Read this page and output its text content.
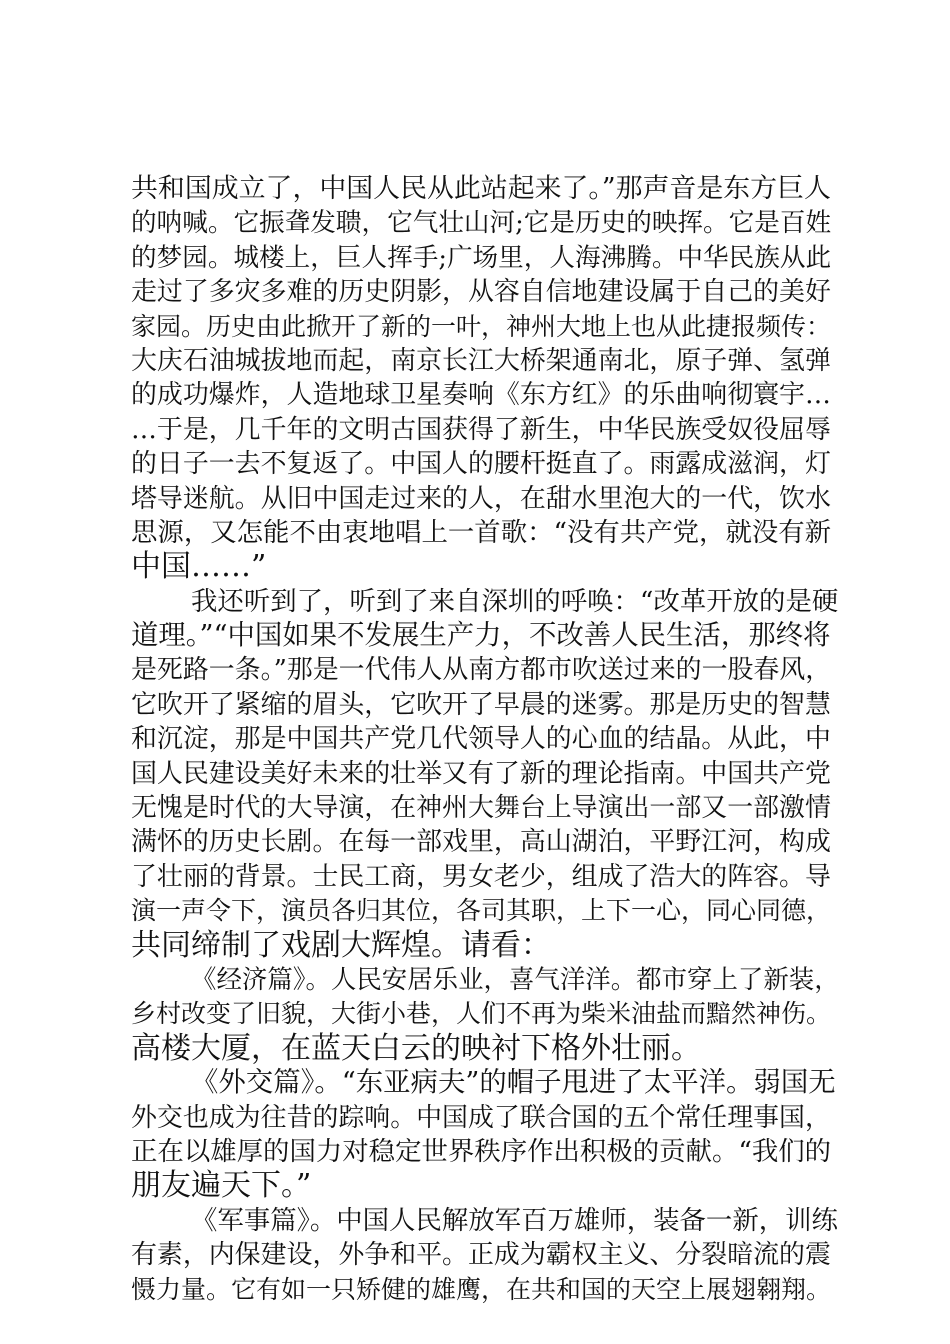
共和国成立了，中国人民从此站起来了。”那声音是东方巨人
的呐喊。它振聋发聩，它气壮山河;它是历史的映挥。它是百姓
的梦园。城楼上，巨人挥手;广场里，人海沸腾。中华民族从此
走过了多灾多难的历史阴影，从容自信地建设属于自己的美好
家园。历史由此掀开了新的一叶，神州大地上也从此捷报频传：
大庆石油城拔地而起，南京长江大桥架通南北，原子弹、氢弹
的成功爆炸，人造地球卫星奏响《东方红》的乐曲响彻寰宇…
…于是，几千年的文明古国获得了新生，中华民族受奴役屈辱
的日子一去不复返了。中国人的腰杆挺直了。雨露成滋润，灯
塔导迷航。从旧中国走过来的人，在甜水里泡大的一代，饮水
思源，又怎能不由衷地唱上一首歌：“没有共产党，就没有新
中国……”
我还听到了，听到了来自深圳的呼唤：“改革开放的是硬
道理。”“中国如果不发展生产力，不改善人民生活，那终将
是死路一条。”那是一代伟人从南方都市吹送过来的一股春风，
它吹开了紧缩的眉头，它吹开了早晨的迷雾。那是历史的智慧
和沉淀，那是中国共产党几代领导人的心血的结晶。从此，中
国人民建设美好未来的壮举又有了新的理论指南。中国共产党
无愧是时代的大导演，在神州大舞台上导演出一部又一部激情
满怀的历史长剧。在每一部戏里，高山湖泊，平野江河，构成
了壮丽的背景。士民工商，男女老少，组成了浩大的阵容。导
演一声令下，演员各归其位，各司其职，上下一心，同心同德，
共同缔制了戏剧大辉煌。请看：
《经济篇》。人民安居乐业，喜气洋洋。都市穿上了新装，
乡村改变了旧貌，大街小巷，人们不再为柴米油盐而黯然神伤。
高楼大厦，在蓝天白云的映衬下格外壮丽。
《外交篇》。“东亚病夫”的帽子甩进了太平洋。弱国无
外交也成为往昔的踪响。中国成了联合国的五个常任理事国，
正在以雄厚的国力对稳定世界秩序作出积极的贡献。“我们的
朋友遍天下。”
《军事篇》。中国人民解放军百万雄师，装备一新，训练
有素，内保建设，外争和平。正成为霸权主义、分裂暗流的震
慑力量。它有如一只矫健的雄鹰，在共和国的天空上展翅翱翔。
